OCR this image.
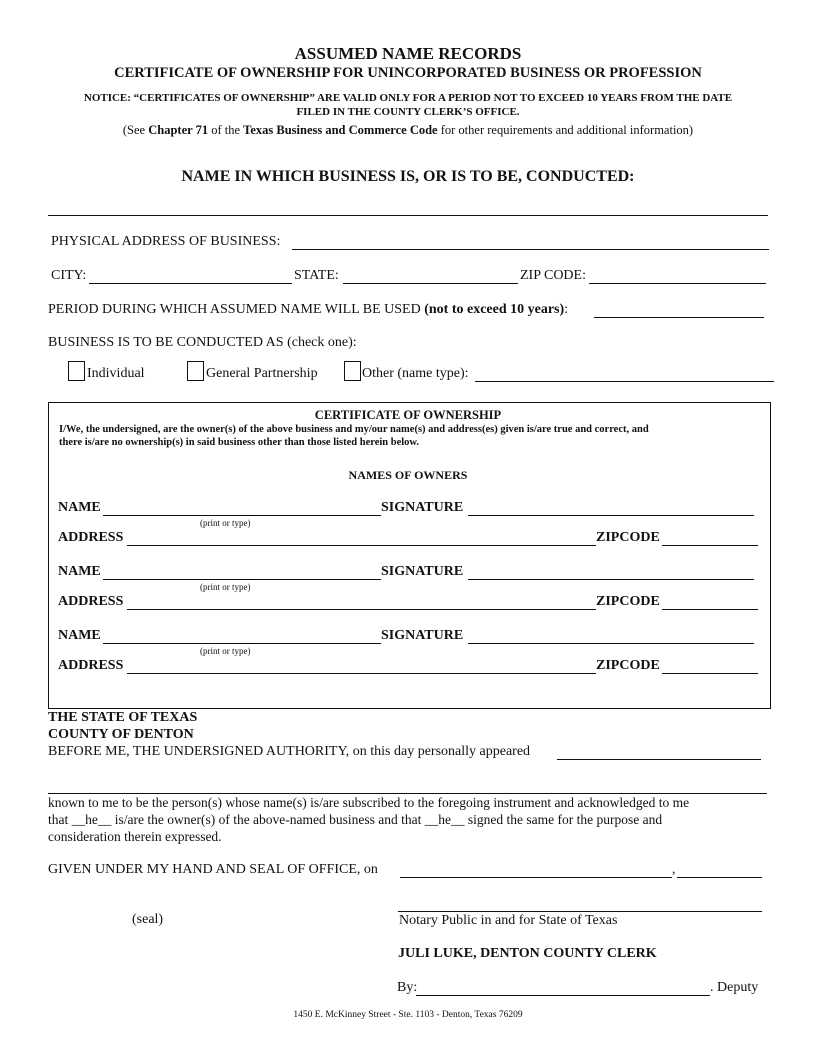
ASSUMED NAME RECORDS
CERTIFICATE OF OWNERSHIP FOR UNINCORPORATED BUSINESS OR PROFESSION
NOTICE: “CERTIFICATES OF OWNERSHIP” ARE VALID ONLY FOR A PERIOD NOT TO EXCEED 10 YEARS FROM THE DATE
FILED IN THE COUNTY CLERK’S OFFICE.
(See Chapter 71 of the Texas Business and Commerce Code for other requirements and additional information)
NAME IN WHICH BUSINESS IS, OR IS TO BE, CONDUCTED:
PHYSICAL ADDRESS OF BUSINESS:
CITY:	STATE:	ZIP CODE:
PERIOD DURING WHICH ASSUMED NAME WILL BE USED (not to exceed 10 years):
BUSINESS IS TO BE CONDUCTED AS (check one):
Individual	General Partnership	Other (name type):
CERTIFICATE OF OWNERSHIP
I/We, the undersigned, are the owner(s) of the above business and my/our name(s) and address(es) given is/are true and correct, and
there is/are no ownership(s) in said business other than those listed herein below.
NAMES OF OWNERS
NAME	SIGNATURE
(print or type)
ADDRESS	ZIPCODE
NAME	SIGNATURE
(print or type)
ADDRESS	ZIPCODE
NAME	SIGNATURE
(print or type)
ADDRESS	ZIPCODE
THE STATE OF TEXAS
COUNTY OF DENTON
BEFORE ME, THE UNDERSIGNED AUTHORITY, on this day personally appeared
known to me to be the person(s) whose name(s) is/are subscribed to the foregoing instrument and acknowledged to me
that __he__ is/are the owner(s) of the above-named business and that __he__ signed the same for the purpose and
consideration therein expressed.
GIVEN UNDER MY HAND AND SEAL OF OFFICE, on	,
(seal)	Notary Public in and for State of Texas
JULI LUKE, DENTON COUNTY CLERK
By:	. Deputy
1450 E. McKinney Street - Ste. 1103 - Denton, Texas 76209
